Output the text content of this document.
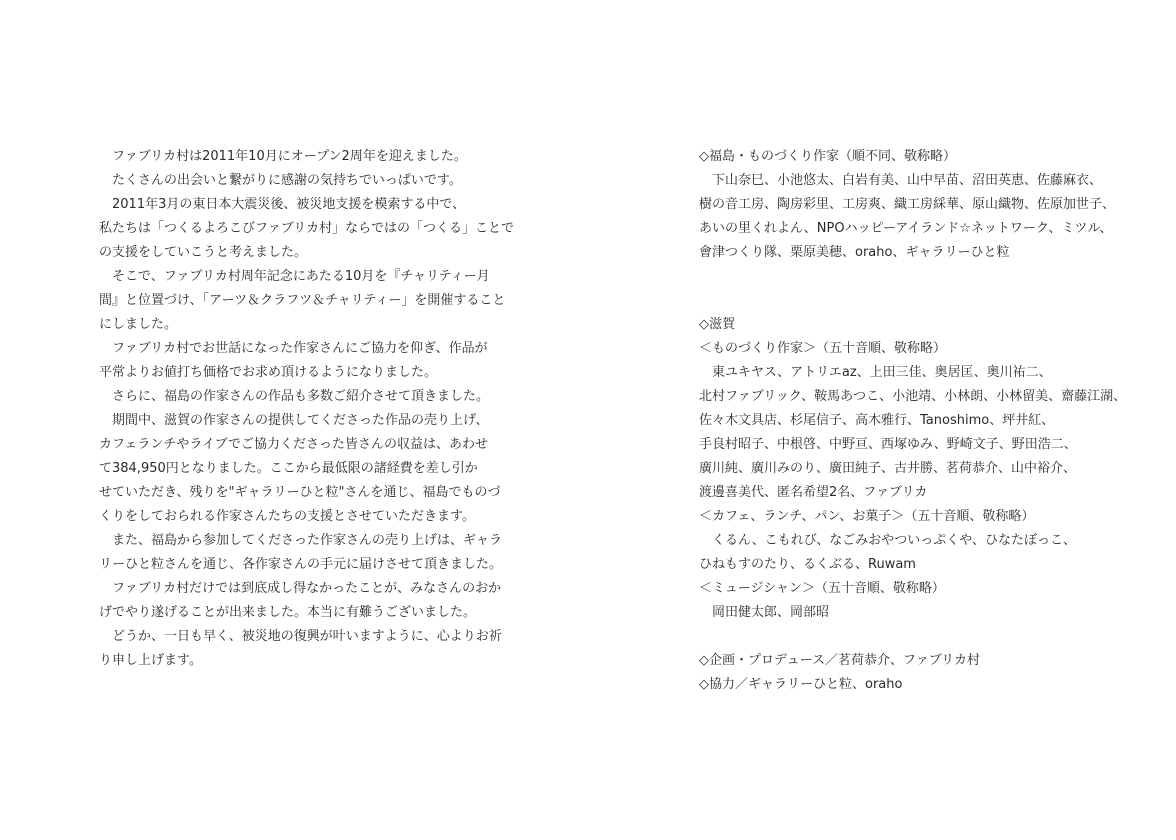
　ファブリカ村は2011年10月にオープン2周年を迎えました。
　たくさんの出会いと繋がりに感謝の気持ちでいっぱいです。
　2011年3月の東日本大震災後、被災地支援を模索する中で、
私たちは「つくるよろこびファブリカ村」ならではの「つくる」ことで
の支援をしていこうと考えました。
　そこで、ファブリカ村周年記念にあたる10月を『チャリティー月
間』と位置づけ、「アーツ＆クラフツ＆チャリティー」を開催すること
にしました。
　ファブリカ村でお世話になった作家さんにご協力を仰ぎ、作品が
平常よりお値打ち価格でお求め頂けるようになりました。
　さらに、福島の作家さんの作品も多数ご紹介させて頂きました。
　期間中、滋賀の作家さんの提供してくださった作品の売り上げ、
カフェランチやライブでご協力くださった皆さんの収益は、あわせ
て384,950円となりました。ここから最低限の諸経費を差し引か
せていただき、残りを"ギャラリーひと粒"さんを通じ、福島でものづ
くりをしておられる作家さんたちの支援とさせていただきます。
　また、福島から参加してくださった作家さんの売り上げは、ギャラ
リーひと粒さんを通じ、各作家さんの手元に届けさせて頂きました。
　ファブリカ村だけでは到底成し得なかったことが、みなさんのおか
げでやり遂げることが出来ました。本当に有難うございました。
　どうか、一日も早く、被災地の復興が叶いますように、心よりお祈
り申し上げます。
◇福島・ものづくり作家（順不同、敬称略）
　下山奈巳、小池悠太、白岩有美、山中早苗、沼田英恵、佐藤麻衣、
樹の音工房、陶房彩里、工房爽、織工房綵華、原山織物、佐原加世子、
あいの里くれよん、NPOハッピーアイランド☆ネットワーク、ミツル、
會津つくり隊、栗原美穂、oraho、ギャラリーひと粒
◇滋賀
＜ものづくり作家＞（五十音順、敬称略）
　東ユキヤス、アトリエaz、上田三佳、奥居匡、奥川祐二、
北村ファブリック、鞍馬あつこ、小池靖、小林朗、小林留美、齋藤江湖、
佐々木文具店、杉尾信子、高木雅行、Tanoshimo、坪井紅、
手良村昭子、中根啓、中野亘、西塚ゆみ、野崎文子、野田浩二、
廣川純、廣川みのり、廣田純子、古井勝、茗荷恭介、山中裕介、
渡邊喜美代、匿名希望2名、ファブリカ
＜カフェ、ランチ、パン、お菓子＞（五十音順、敬称略）
　くるん、こもれび、なごみおやついっぷくや、ひなたぼっこ、
ひねもすのたり、るくぶる、Ruwam
＜ミュージシャン＞（五十音順、敬称略）
　岡田健太郎、岡部昭
◇企画・プロデュース／茗荷恭介、ファブリカ村
◇協力／ギャラリーひと粒、oraho
